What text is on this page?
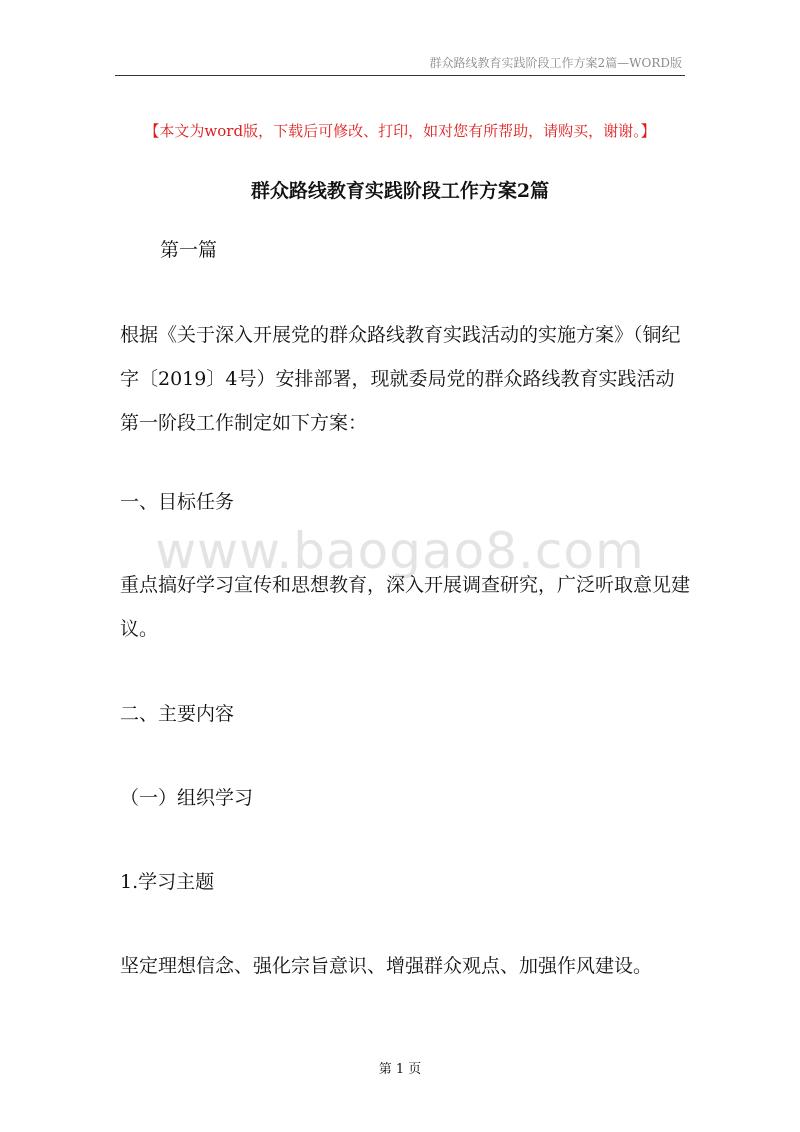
群众路线教育实践阶段工作方案2篇—WORD版
【本文为word版，下载后可修改、打印，如对您有所帮助，请购买，谢谢。】
群众路线教育实践阶段工作方案2篇

第一篇

根据《关于深入开展党的群众路线教育实践活动的实施方案》（铜纪字〔2019〕4号）安排部署，现就委局党的群众路线教育实践活动第一阶段工作制定如下方案：

一、目标任务

www.baogao8.com

重点搞好学习宣传和思想教育，深入开展调查研究，广泛听取意见建议。

二、主要内容

（一）组织学习

1.学习主题

坚定理想信念、强化宗旨意识、增强群众观点、加强作风建设。

第 1 页
